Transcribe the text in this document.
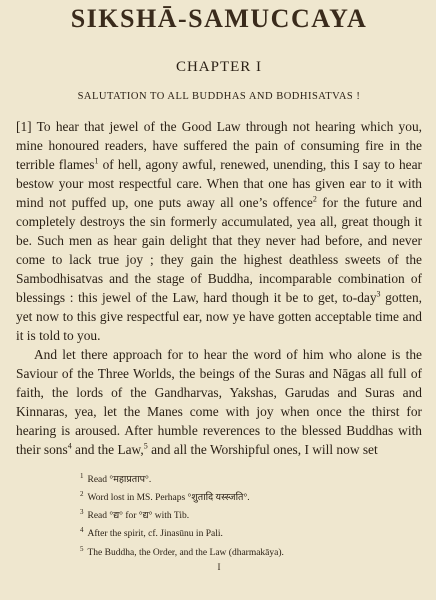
SIKSHĀ-SAMUCCAYA
CHAPTER I
SALUTATION TO ALL BUDDHAS AND BODHISATVAS !

[1] To hear that jewel of the Good Law through not hearing which you, mine honoured readers, have suffered the pain of consuming fire in the terrible flames$^1$ of hell, agony awful, renewed, unending, this I say to hear bestow your most respectful care. When that one has given ear to it with mind not puffed up, one puts away all one’s offence$^2$ for the future and completely destroys the sin formerly accumulated, yea all, great though it be. Such men as hear gain delight that they never had before, and never come to lack true joy ; they gain the highest deathless sweets of the Sambodhisatvas and the stage of Buddha, incomparable combination of blessings : this jewel of the Law, hard though it be to get, to-day$^3$ gotten, yet now to this give respectful ear, now ye have gotten acceptable time and it is told to you.

And let there approach for to hear the word of him who alone is the Saviour of the Three Worlds, the beings of the Suras and Nāgas all full of faith, the lords of the Gandharvas, Yakshas, Garudas and Suras and Kinnaras, yea, let the Manes come with joy when once the thirst for hearing is aroused. After humble reverences to the blessed Buddhas with their sons$^4$ and the Law,$^5$ and all the Worshipful ones, I will now set

$^1$ Read °महाप्रताप°.
$^2$ Word lost in MS. Perhaps °शुतादि यस्स्जति°.
$^3$ Read °द्य° for °द्य° with Tib.
$^4$ After the spirit, cf. Jinasūnu in Pali.
$^5$ The Buddha, the Order, and the Law (dharmakāya).
I
